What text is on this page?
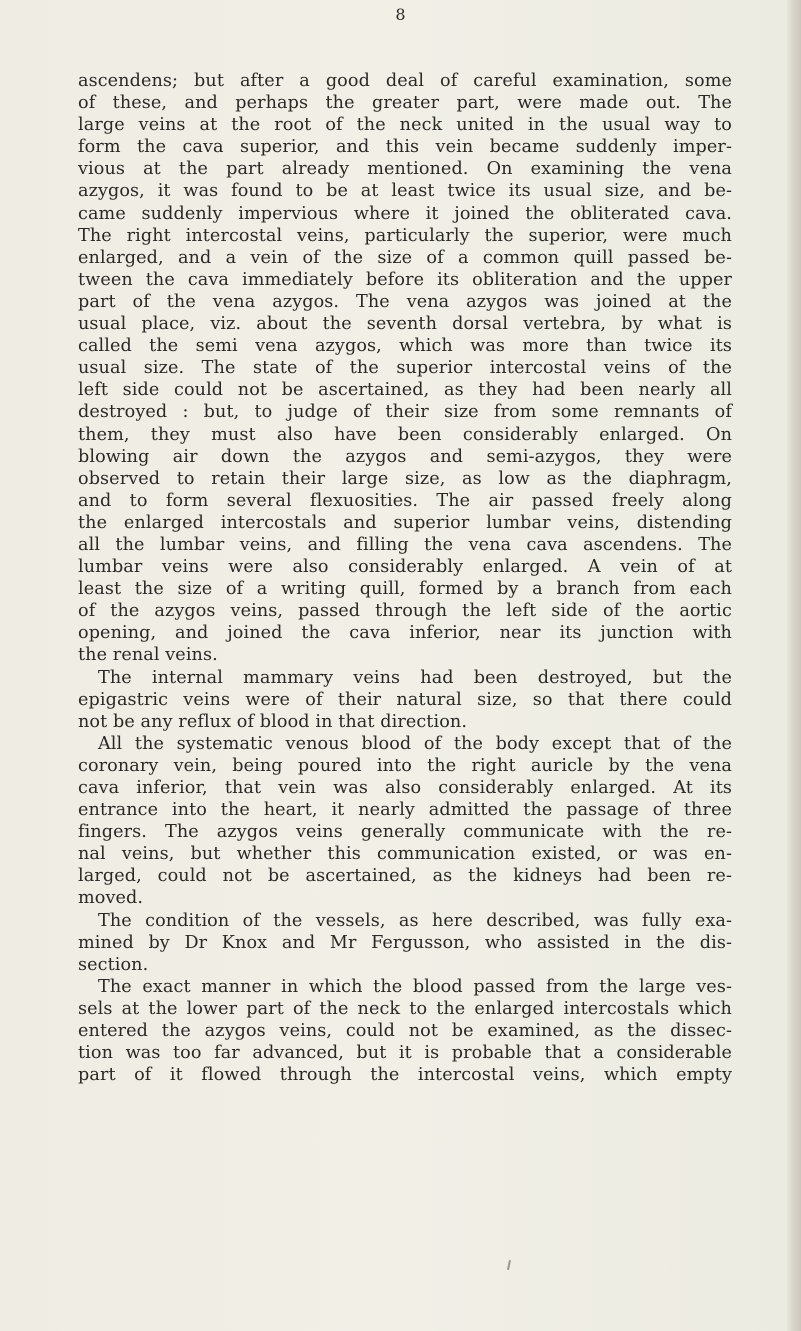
8
ascendens; but after a good deal of careful examination, some
of these, and perhaps the greater part, were made out. The
large veins at the root of the neck united in the usual way to
form the cava superior, and this vein became suddenly imper-
vious at the part already mentioned. On examining the vena
azygos, it was found to be at least twice its usual size, and be-
came suddenly impervious where it joined the obliterated cava.
The right intercostal veins, particularly the superior, were much
enlarged, and a vein of the size of a common quill passed be-
tween the cava immediately before its obliteration and the upper
part of the vena azygos. The vena azygos was joined at the
usual place, viz. about the seventh dorsal vertebra, by what is
called the semi vena azygos, which was more than twice its
usual size. The state of the superior intercostal veins of the
left side could not be ascertained, as they had been nearly all
destroyed : but, to judge of their size from some remnants of
them, they must also have been considerably enlarged. On
blowing air down the azygos and semi-azygos, they were
observed to retain their large size, as low as the diaphragm,
and to form several flexuosities. The air passed freely along
the enlarged intercostals and superior lumbar veins, distending
all the lumbar veins, and filling the vena cava ascendens. The
lumbar veins were also considerably enlarged. A vein of at
least the size of a writing quill, formed by a branch from each
of the azygos veins, passed through the left side of the aortic
opening, and joined the cava inferior, near its junction with
the renal veins.
The internal mammary veins had been destroyed, but the
epigastric veins were of their natural size, so that there could
not be any reflux of blood in that direction.
All the systematic venous blood of the body except that of the
coronary vein, being poured into the right auricle by the vena
cava inferior, that vein was also considerably enlarged. At its
entrance into the heart, it nearly admitted the passage of three
fingers. The azygos veins generally communicate with the re-
nal veins, but whether this communication existed, or was en-
larged, could not be ascertained, as the kidneys had been re-
moved.
The condition of the vessels, as here described, was fully exa-
mined by Dr Knox and Mr Fergusson, who assisted in the dis-
section.
The exact manner in which the blood passed from the large ves-
sels at the lower part of the neck to the enlarged intercostals which
entered the azygos veins, could not be examined, as the dissec-
tion was too far advanced, but it is probable that a considerable
part of it flowed through the intercostal veins, which empty
